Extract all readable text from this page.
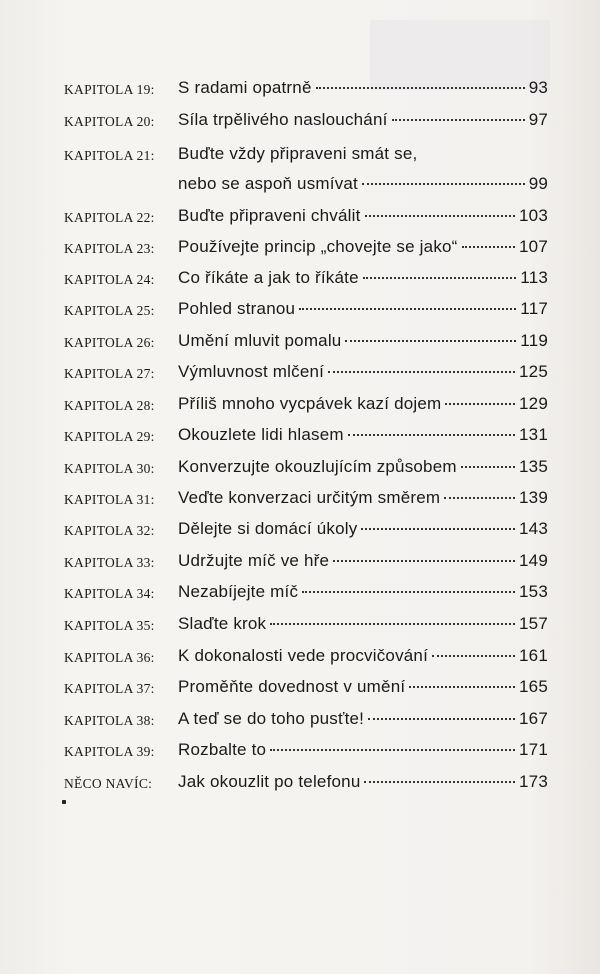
KAPITOLA 19: S radami opatrně	93
KAPITOLA 20: Síla trpělivého naslouchání	97
KAPITOLA 21: Buďte vždy připraveni smát se,
nebo se aspoň usmívat	99
KAPITOLA 22: Buďte připraveni chválit	103
KAPITOLA 23: Používejte princip „chovejte se jako“	107
KAPITOLA 24: Co říkáte a jak to říkáte	113
KAPITOLA 25: Pohled stranou	117
KAPITOLA 26: Umění mluvit pomalu	119
KAPITOLA 27: Výmluvnost mlčení	125
KAPITOLA 28: Příliš mnoho vycpávek kazí dojem	129
KAPITOLA 29: Okouzlete lidi hlasem	131
KAPITOLA 30: Konverzujte okouzlujícím způsobem	135
KAPITOLA 31: Veďte konverzaci určitým směrem	139
KAPITOLA 32: Dělejte si domácí úkoly	143
KAPITOLA 33: Udržujte míč ve hře	149
KAPITOLA 34: Nezabíjejte míč	153
KAPITOLA 35: Slaďte krok	157
KAPITOLA 36: K dokonalosti vede procvičování	161
KAPITOLA 37: Proměňte dovednost v umění	165
KAPITOLA 38: A teď se do toho pusťte!	167
KAPITOLA 39: Rozbalte to	171
NĚCO NAVÍC: Jak okouzlit po telefonu	173
